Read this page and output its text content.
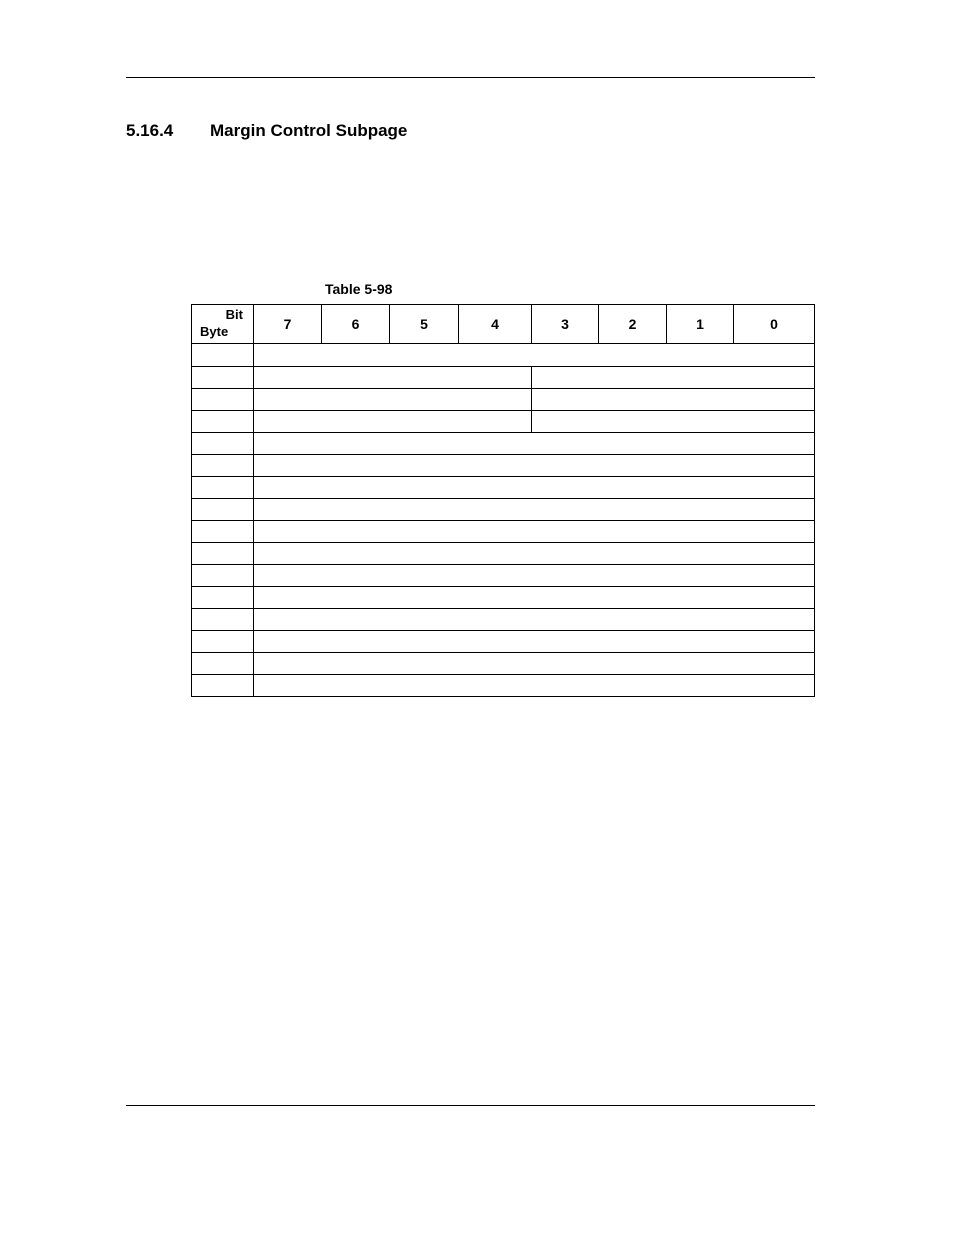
5.16.4 Margin Control Subpage
Table 5-98
Bit
Byte	7	6	5	4	3	2	1	0
